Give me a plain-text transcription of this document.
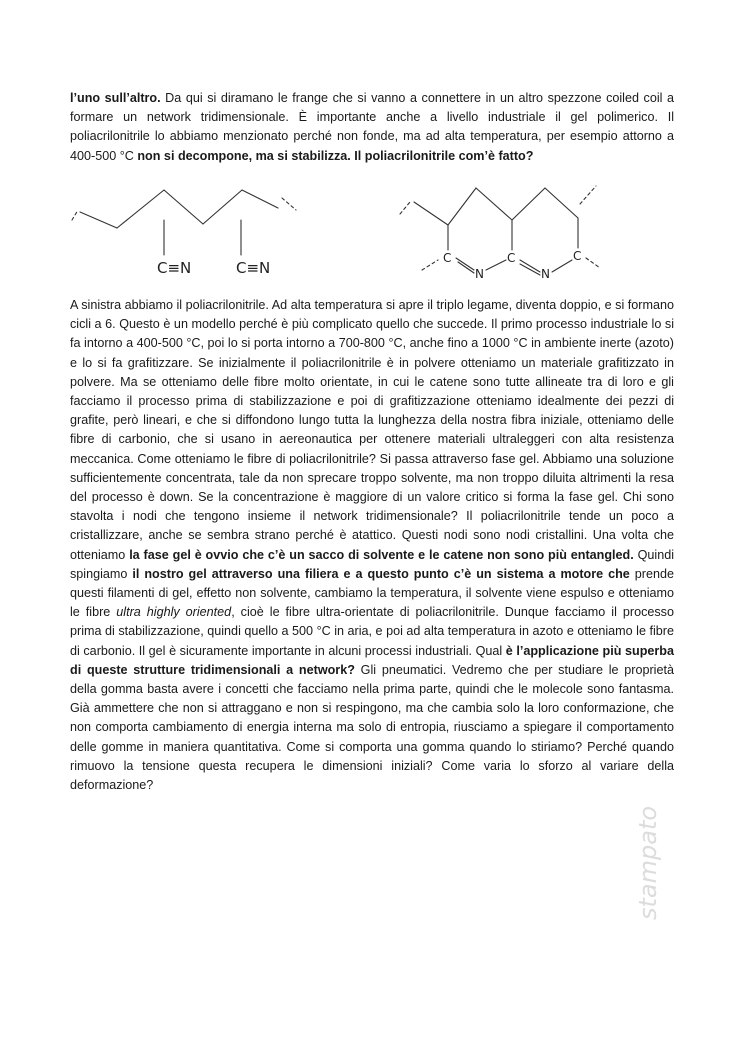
l’uno sull’altro. Da qui si diramano le frange che si vanno a connettere in un altro spezzone coiled coil a formare un network tridimensionale. È importante anche a livello industriale il gel polimerico. Il poliacrilonitrile lo abbiamo menzionato perché non fonde, ma ad alta temperatura, per esempio attorno a 400-500 °C non si decompone, ma si stabilizza. Il poliacrilonitrile com’è fatto?

C≡N	C≡N
C
N
C
N
C

A sinistra abbiamo il poliacrilonitrile. Ad alta temperatura si apre il triplo legame, diventa doppio, e si formano cicli a 6. Questo è un modello perché è più complicato quello che succede. Il primo processo industriale lo si fa intorno a 400-500 °C, poi lo si porta intorno a 700-800 °C, anche fino a 1000 °C in ambiente inerte (azoto) e lo si fa grafitizzare. Se inizialmente il poliacrilonitrile è in polvere otteniamo un materiale grafitizzato in polvere. Ma se otteniamo delle fibre molto orientate, in cui le catene sono tutte allineate tra di loro e gli facciamo il processo prima di stabilizzazione e poi di grafitizzazione otteniamo idealmente dei pezzi di grafite, però lineari, e che si diffondono lungo tutta la lunghezza della nostra fibra iniziale, otteniamo delle fibre di carbonio, che si usano in aereonautica per ottenere materiali ultraleggeri con alta resistenza meccanica. Come otteniamo le fibre di poliacrilonitrile? Si passa attraverso fase gel. Abbiamo una soluzione sufficientemente concentrata, tale da non sprecare troppo solvente, ma non troppo diluita altrimenti la resa del processo è down. Se la concentrazione è maggiore di un valore critico si forma la fase gel. Chi sono stavolta i nodi che tengono insieme il network tridimensionale? Il poliacrilonitrile tende un poco a cristallizzare, anche se sembra strano perché è atattico. Questi nodi sono nodi cristallini. Una volta che otteniamo la fase gel è ovvio che c’è un sacco di solvente e le catene non sono più entangled. Quindi spingiamo il nostro gel attraverso una filiera e a questo punto c’è un sistema a motore che prende questi filamenti di gel, effetto non solvente, cambiamo la temperatura, il solvente viene espulso e otteniamo le fibre ultra highly oriented, cioè le fibre ultra-orientate di poliacrilonitrile. Dunque facciamo il processo prima di stabilizzazione, quindi quello a 500 °C in aria, e poi ad alta temperatura in azoto e otteniamo le fibre di carbonio. Il gel è sicuramente importante in alcuni processi industriali. Qual è l’applicazione più superba di queste strutture tridimensionali a network? Gli pneumatici. Vedremo che per studiare le proprietà della gomma basta avere i concetti che facciamo nella prima parte, quindi che le molecole sono fantasma. Già ammettere che non si attraggano e non si respingono, ma che cambia solo la loro conformazione, che non comporta cambiamento di energia interna ma solo di entropia, riusciamo a spiegare il comportamento delle gomme in maniera quantitativa. Come si comporta una gomma quando lo stiriamo? Perché quando rimuovo la tensione questa recupera le dimensioni iniziali? Come varia lo sforzo al variare della deformazione?

stampato
